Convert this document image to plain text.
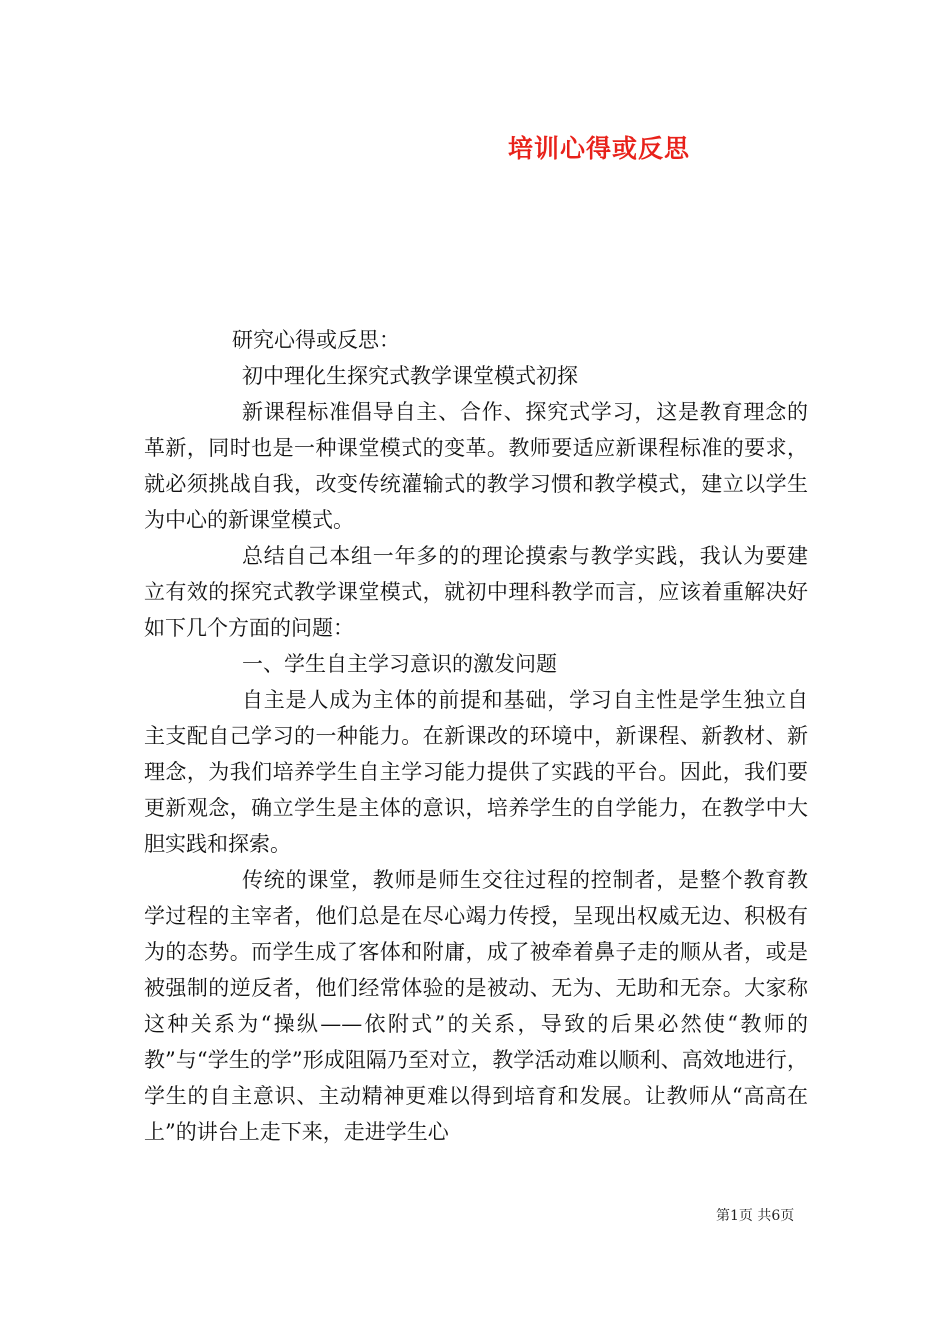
培训心得或反思

研究心得或反思：

初中理化生探究式教学课堂模式初探

新课程标准倡导自主、合作、探究式学习，这是教育理念的革新，同时也是一种课堂模式的变革。教师要适应新课程标准的要求，就必须挑战自我，改变传统灌输式的教学习惯和教学模式，建立以学生为中心的新课堂模式。

总结自己本组一年多的的理论摸索与教学实践，我认为要建立有效的探究式教学课堂模式，就初中理科教学而言，应该着重解决好如下几个方面的问题：

一、学生自主学习意识的激发问题

自主是人成为主体的前提和基础，学习自主性是学生独立自主支配自己学习的一种能力。在新课改的环境中，新课程、新教材、新理念，为我们培养学生自主学习能力提供了实践的平台。因此，我们要更新观念，确立学生是主体的意识，培养学生的自学能力，在教学中大胆实践和探索。

传统的课堂，教师是师生交往过程的控制者，是整个教育教学过程的主宰者，他们总是在尽心竭力传授，呈现出权威无边、积极有为的态势。而学生成了客体和附庸，成了被牵着鼻子走的顺从者，或是被强制的逆反者，他们经常体验的是被动、无为、无助和无奈。大家称这种关系为“操纵——依附式”的关系，导致的后果必然使“教师的教”与“学生的学”形成阻隔乃至对立，教学活动难以顺利、高效地进行，学生的自主意识、主动精神更难以得到培育和发展。让教师从“高高在上”的讲台上走下来，走进学生心

第1页 共6页
